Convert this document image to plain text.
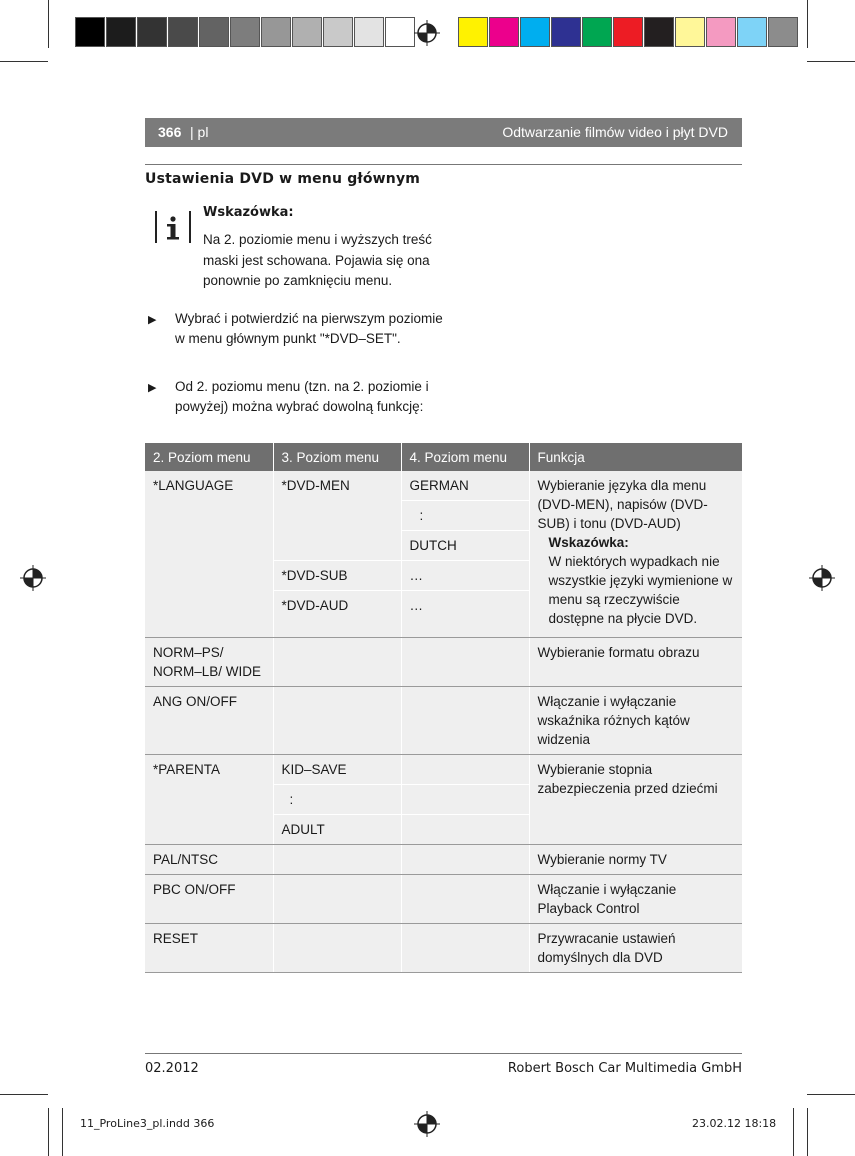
366 | pl	Odtwarzanie filmów video i płyt DVD
Ustawienia DVD w menu głównym
Wskazówka:
Na 2. poziomie menu i wyższych treść maski jest schowana. Pojawia się ona ponownie po zamknięciu menu.
▶ Wybrać i potwierdzić na pierwszym poziomie w menu głównym punkt "*DVD–SET".
▶ Od 2. poziomu menu (tzn. na 2. poziomie i powyżej) można wybrać dowolną funkcję:
2. Poziom menu	3. Poziom menu	4. Poziom menu	Funkcja
*LANGUAGE	*DVD-MEN	GERMAN	Wybieranie języka dla menu (DVD-MEN), napisów (DVD-SUB) i tonu (DVD-AUD)
Wskazówka:
W niektórych wypadkach nie wszystkie języki wymienione w menu są rzeczywiście dostępne na płycie DVD.

		:	
		DUTCH	
	*DVD-SUB	…	
	*DVD-AUD	…	
NORM–PS/ NORM–LB/ WIDE			Wybieranie formatu obrazu
ANG ON/OFF			Włączanie i wyłączanie wskaźnika różnych kątów widzenia
*PARENTA	KID–SAVE		Wybieranie stopnia zabezpieczenia przed dziećmi
	:		
	ADULT		
PAL/NTSC			Wybieranie normy TV
PBC ON/OFF			Włączanie i wyłączanie Playback Control
RESET			Przywracanie ustawień domyślnych dla DVD
02.2012	Robert Bosch Car Multimedia GmbH
11_ProLine3_pl.indd 366	23.02.12 18:18
